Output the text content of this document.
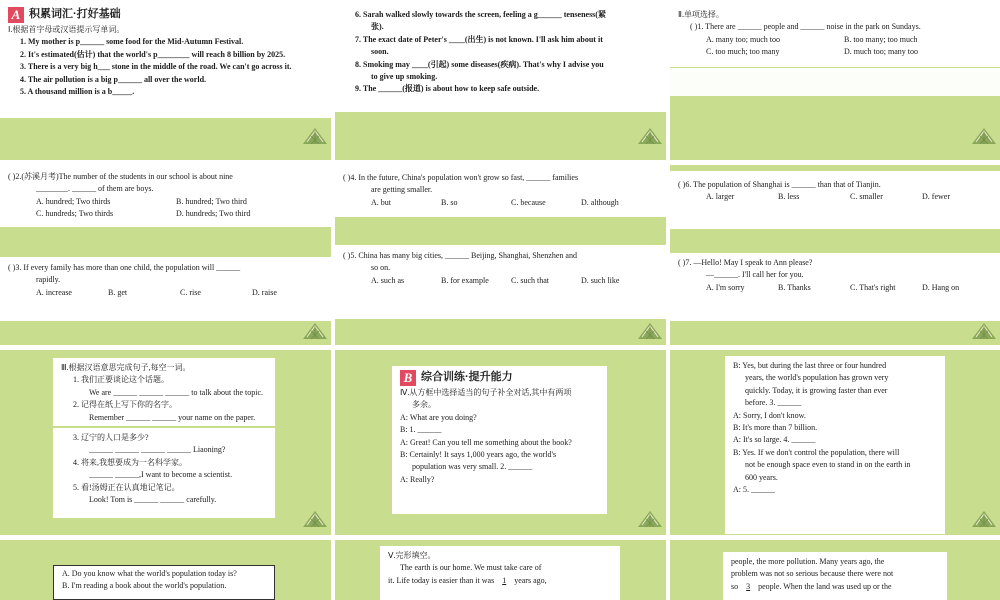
A 积累词汇·打好基础
Ⅰ.根据首字母或汉语提示写单词。
1. My mother is p______ some food for the Mid-Autumn Festival.
2. It's estimated(估计) that the world's p________ will reach 8 billion by 2025.
3. There is a very big h___ stone in the middle of the road. We can't go across it.
4. The air pollution is a big p______ all over the world.
5. A thousand million is a b_____.
6. Sarah walked slowly towards the screen, feeling a g______ tenseness(紧
张).
7. The exact date of Peter's ____(出生) is not known. I'll ask him about it
soon.
8. Smoking may ____(引起) some diseases(疾病). That's why I advise you
to give up smoking.
9. The ______(报道) is about how to keep safe outside.
Ⅱ.单项选择。
( )1. There are ______ people and ______ noise in the park on Sundays.
A. many too; much too	B. too many; too much
C. too much; too many	D. much too; many too
( )2.(苏溪月考)The number of the students in our school is about nine
________. ______ of them are boys.
A. hundred; Two thirds	B. hundred; Two third
C. hundreds; Two thirds	D. hundreds; Two third
( )3. If every family has more than one child, the population will ______
rapidly.
A. increase	B. get	C. rise	D. raise
( )4. In the future, China's population won't grow so fast, ______ families
are getting smaller.
A. but	B. so	C. because	D. although
( )5. China has many big cities, ______ Beijing, Shanghai, Shenzhen and
so on.
A. such as	B. for example	C. such that	D. such like
( )6. The population of Shanghai is ______ than that of Tianjin.
A. larger	B. less	C. smaller	D. fewer
( )7. —Hello! May I speak to Ann please?
—______. I'll call her for you.
A. I'm sorry	B. Thanks	C. That's right	D. Hang on
Ⅲ.根据汉语意思完成句子,每空一词。
1. 我们正要谈论这个话题。
We are ______ ______ ______ to talk about the topic.
2. 记得在纸上写下你的名字。
Remember ______ ______ your name on the paper.
3. 辽宁的人口是多少?
______ ______ ______ ______ Liaoning?
4. 将来,我想要成为一名科学家。
______ ______,I want to become a scientist.
5. 看!汤姆正在认真地记笔记。
Look! Tom is ______ ______ carefully.
B 综合训练·提升能力
Ⅳ.从方框中选择适当的句子补全对话,其中有两项
多余。
A: What are you doing?
B: 1. ______
A: Great! Can you tell me something about the book?
B: Certainly! It says 1,000 years ago, the world's
population was very small. 2. ______
A: Really?
B: Yes, but during the last three or four hundred
years, the world's population has grown very
quickly. Today, it is growing faster than ever
before. 3. ______
A: Sorry, I don't know.
B: It's more than 7 billion.
A: It's so large. 4. ______
B: Yes. If we don't control the population, there will
not be enough space even to stand in on the earth in
600 years.
A: 5. ______
A. Do you know what the world's population today is?
B. I'm reading a book about the world's population.
Ⅴ.完形填空。
The earth is our home. We must take care of
it. Life today is easier than it was 1 years ago,
people, the more pollution. Many years ago, the
problem was not so serious because there were not
so 3 people. When the land was used up or the
